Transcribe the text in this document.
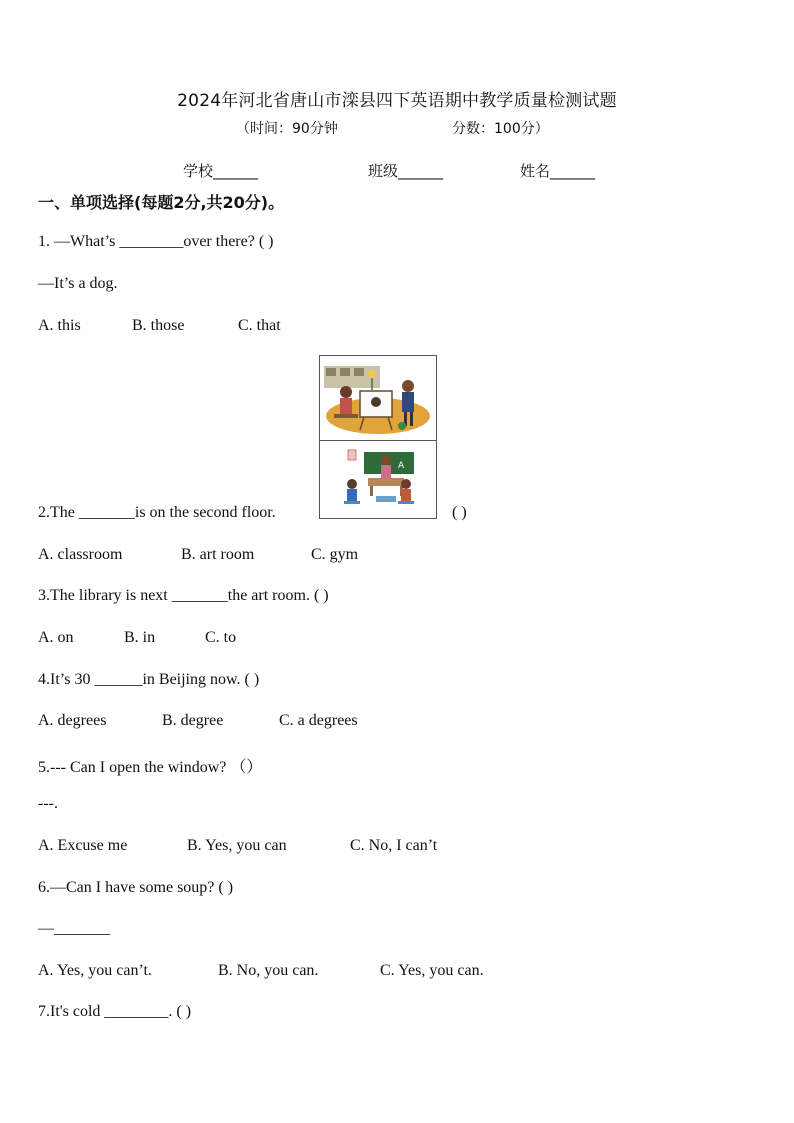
2024年河北省唐山市滦县四下英语期中教学质量检测试题
（时间：90分钟	分数：100分）
学校______	班级______	姓名______
一、单项选择(每题2分,共20分)。
1. —What’s ________over there? ( )
—It’s a dog.
A. this	B. those	C. that
A
2.The _______is on the second floor.	( )
A. classroom	B. art room	C. gym
3.The library is next _______the art room. ( )
A. on	B. in	C. to
4.It’s 30 ______in Beijing now. ( )
A. degrees	B. degree	C. a degrees
5.--- Can I open the window? （）
---.
A. Excuse me	B. Yes, you can	C. No, I can’t
6.—Can I have some soup? ( )
—_______
A. Yes, you can’t.	B. No, you can.	C. Yes, you can.
7.It's cold ________. ( )
